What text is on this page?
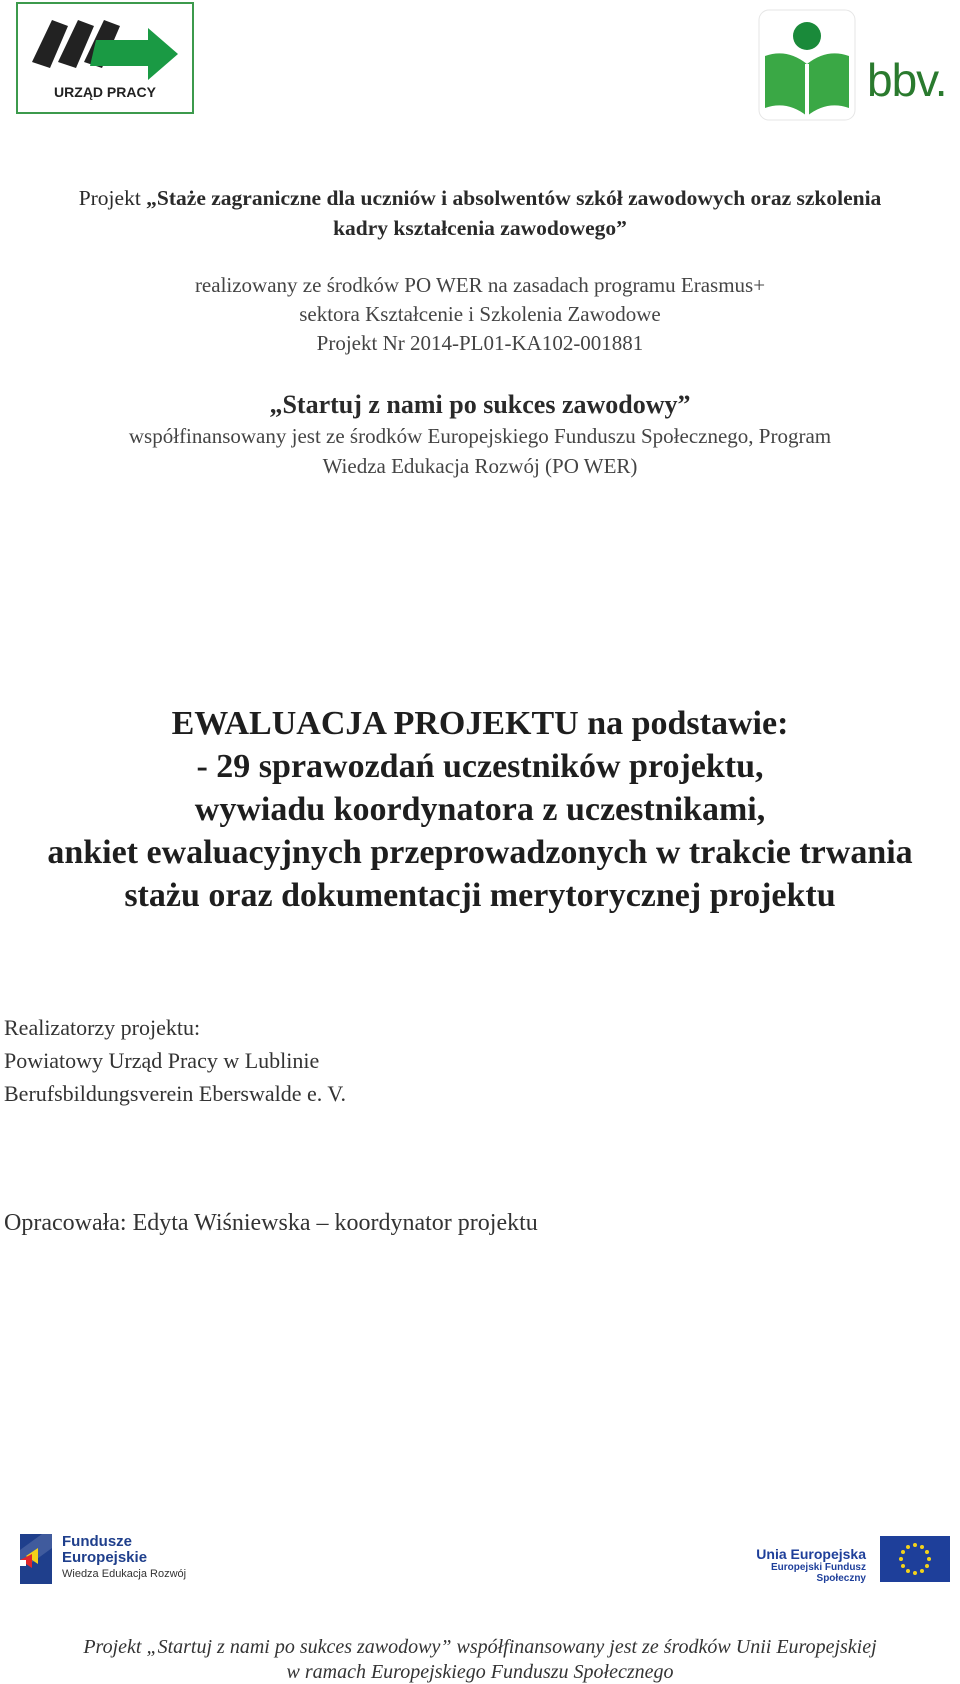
URZĄD PRACY	bbv.
Projekt „Staże zagraniczne dla uczniów i absolwentów szkół zawodowych oraz szkolenia
kadry kształcenia zawodowego”
realizowany ze środków PO WER na zasadach programu Erasmus+
sektora Kształcenie i Szkolenia Zawodowe
Projekt Nr 2014-PL01-KA102-001881
„Startuj z nami po sukces zawodowy”
współfinansowany jest ze środków Europejskiego Funduszu Społecznego, Program
Wiedza Edukacja Rozwój (PO WER)
EWALUACJA PROJEKTU na podstawie:
- 29 sprawozdań uczestników projektu,
wywiadu koordynatora z uczestnikami,
ankiet ewaluacyjnych przeprowadzonych w trakcie trwania
stażu oraz dokumentacji merytorycznej projektu
Realizatorzy projektu:
Powiatowy Urząd Pracy w Lublinie
Berufsbildungsverein Eberswalde e. V.
Opracowała: Edyta Wiśniewska – koordynator projektu
Fundusze
Europejskie
Wiedza Edukacja Rozwój
Unia Europejska
Europejski Fundusz Społeczny
Projekt „Startuj z nami po sukces zawodowy” współfinansowany jest ze środków Unii Europejskiej
w ramach Europejskiego Funduszu Społecznego
